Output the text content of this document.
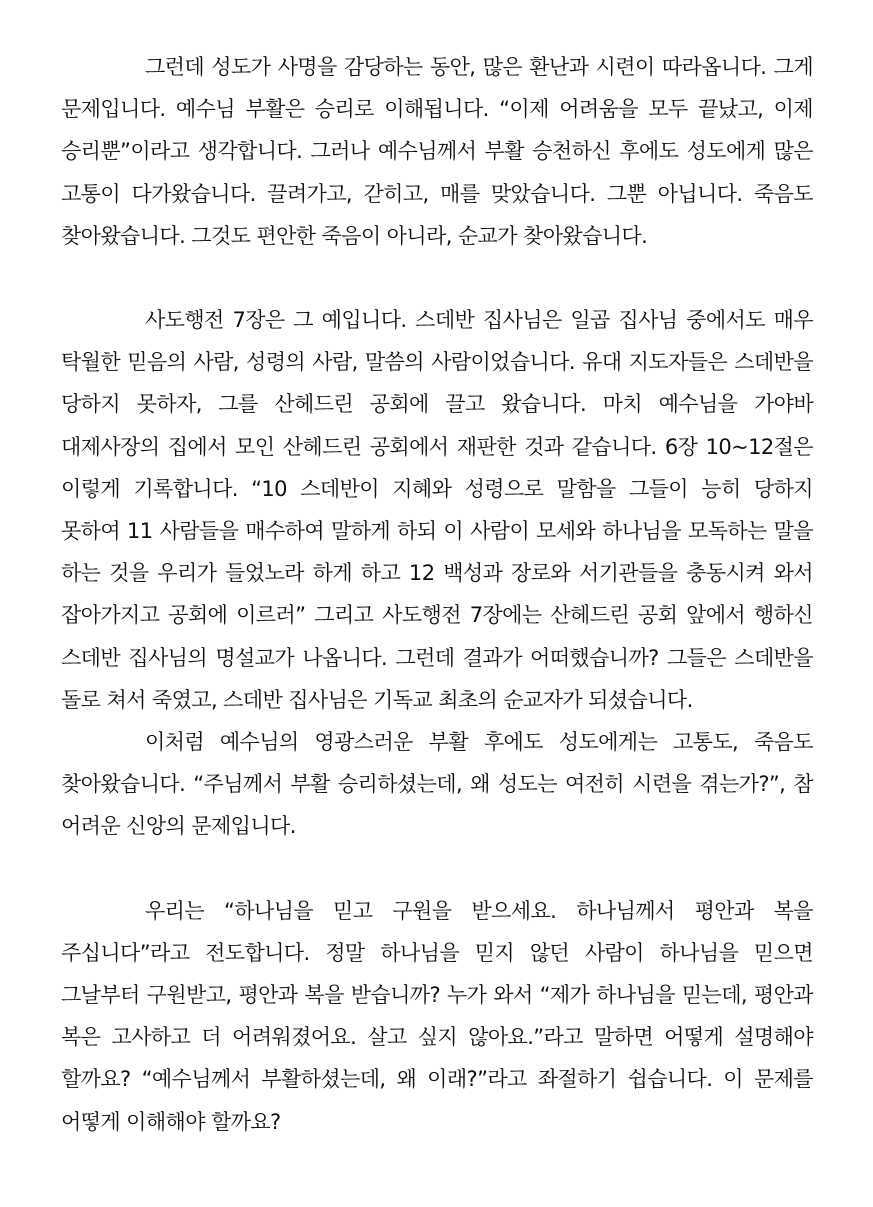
그런데 성도가 사명을 감당하는 동안, 많은 환난과 시련이 따라옵니다. 그게 문제입니다. 예수님 부활은 승리로 이해됩니다. “이제 어려움을 모두 끝났고, 이제 승리뿐”이라고 생각합니다. 그러나 예수님께서 부활 승천하신 후에도 성도에게 많은 고통이 다가왔습니다. 끌려가고, 갇히고, 매를 맞았습니다. 그뿐 아닙니다. 죽음도 찾아왔습니다. 그것도 편안한 죽음이 아니라, 순교가 찾아왔습니다.

사도행전 7장은 그 예입니다. 스데반 집사님은 일곱 집사님 중에서도 매우 탁월한 믿음의 사람, 성령의 사람, 말씀의 사람이었습니다. 유대 지도자들은 스데반을 당하지 못하자, 그를 산헤드린 공회에 끌고 왔습니다. 마치 예수님을 가야바 대제사장의 집에서 모인 산헤드린 공회에서 재판한 것과 같습니다. 6장 10~12절은 이렇게 기록합니다. “10 스데반이 지혜와 성령으로 말함을 그들이 능히 당하지 못하여 11 사람들을 매수하여 말하게 하되 이 사람이 모세와 하나님을 모독하는 말을 하는 것을 우리가 들었노라 하게 하고 12 백성과 장로와 서기관들을 충동시켜 와서 잡아가지고 공회에 이르러” 그리고 사도행전 7장에는 산헤드린 공회 앞에서 행하신 스데반 집사님의 명설교가 나옵니다. 그런데 결과가 어떠했습니까? 그들은 스데반을 돌로 쳐서 죽였고, 스데반 집사님은 기독교 최초의 순교자가 되셨습니다.

이처럼 예수님의 영광스러운 부활 후에도 성도에게는 고통도, 죽음도 찾아왔습니다. “주님께서 부활 승리하셨는데, 왜 성도는 여전히 시련을 겪는가?”, 참 어려운 신앙의 문제입니다.

우리는 “하나님을 믿고 구원을 받으세요. 하나님께서 평안과 복을 주십니다”라고 전도합니다. 정말 하나님을 믿지 않던 사람이 하나님을 믿으면 그날부터 구원받고, 평안과 복을 받습니까? 누가 와서 “제가 하나님을 믿는데, 평안과 복은 고사하고 더 어려워졌어요. 살고 싶지 않아요.”라고 말하면 어떻게 설명해야 할까요? “예수님께서 부활하셨는데, 왜 이래?”라고 좌절하기 쉽습니다. 이 문제를 어떻게 이해해야 할까요?
